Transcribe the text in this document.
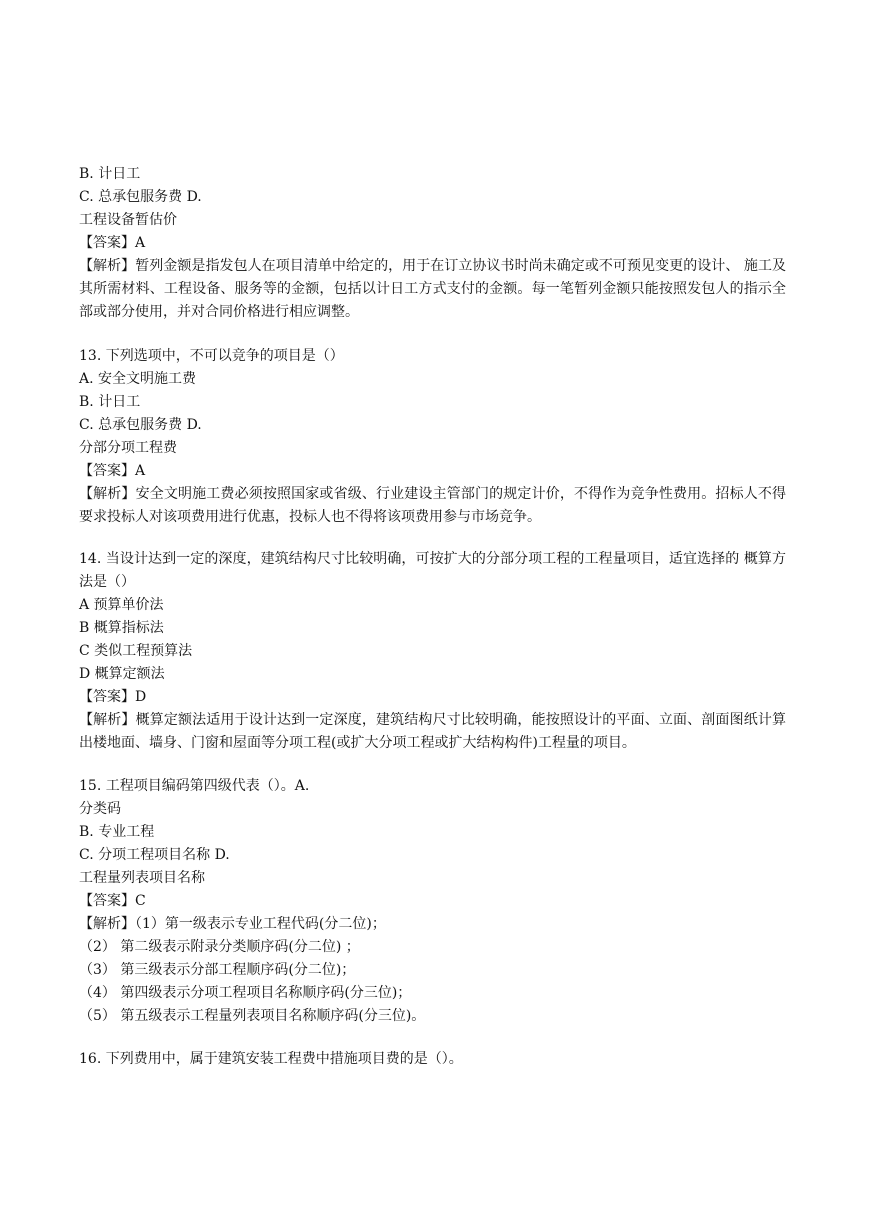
B. 计日工

C. 总承包服务费 D.

工程设备暂估价

【答案】A

【解析】暂列金额是指发包人在项目清单中给定的，用于在订立协议书时尚未确定或不可预见变更的设计、 施工及其所需材料、工程设备、服务等的金额，包括以计日工方式支付的金额。每一笔暂列金额只能按照发包人的指示全部或部分使用，并对合同价格进行相应调整。

13. 下列选项中，不可以竞争的项目是（）

A. 安全文明施工费

B. 计日工

C. 总承包服务费 D.

分部分项工程费

【答案】A

【解析】安全文明施工费必须按照国家或省级、行业建设主管部门的规定计价，不得作为竞争性费用。招标人不得要求投标人对该项费用进行优惠，投标人也不得将该项费用参与市场竞争。

14. 当设计达到一定的深度，建筑结构尺寸比较明确，可按扩大的分部分项工程的工程量项目，适宜选择的 概算方法是（）

A 预算单价法

B 概算指标法

C 类似工程预算法

D 概算定额法

【答案】D

【解析】概算定额法适用于设计达到一定深度，建筑结构尺寸比较明确，能按照设计的平面、立面、剖面图纸计算出楼地面、墙身、门窗和屋面等分项工程(或扩大分项工程或扩大结构构件)工程量的项目。

15. 工程项目编码第四级代表（）。A.

分类码

B. 专业工程

C. 分项工程项目名称 D.

工程量列表项目名称

【答案】C

【解析】（1）第一级表示专业工程代码(分二位)；

（2） 第二级表示附录分类顺序码(分二位) ；

（3） 第三级表示分部工程顺序码(分二位)；

（4） 第四级表示分项工程项目名称顺序码(分三位)；

（5） 第五级表示工程量列表项目名称顺序码(分三位)。

16. 下列费用中，属于建筑安装工程费中措施项目费的是（）。
